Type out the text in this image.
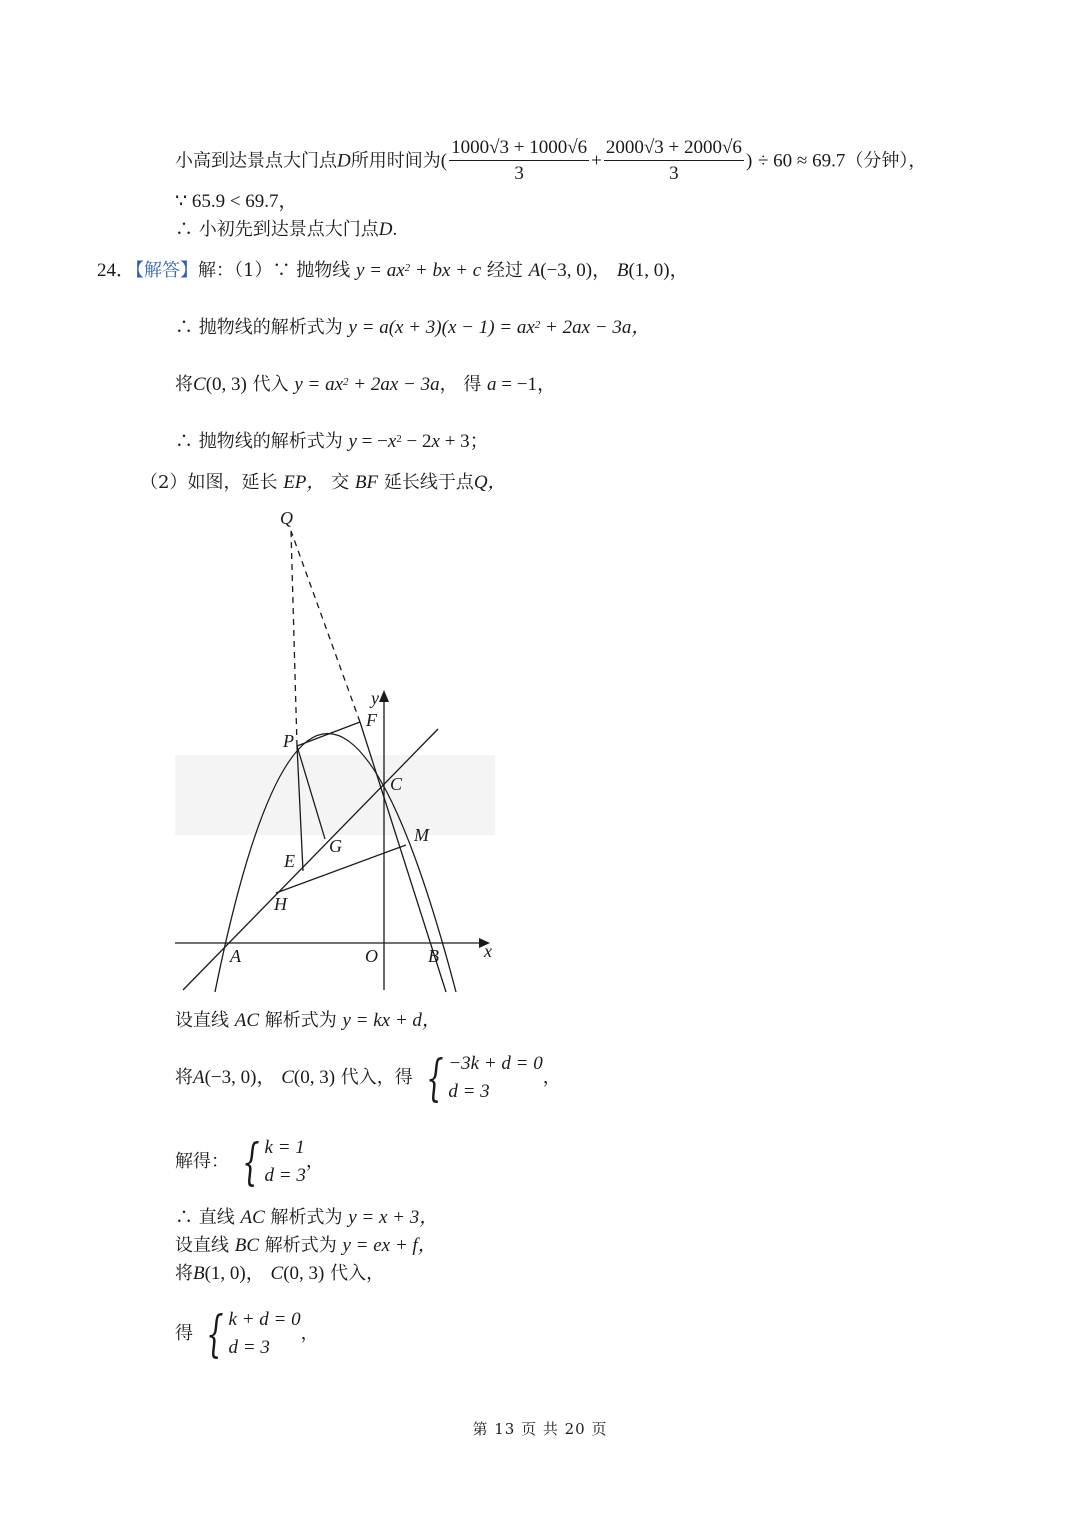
小高到达景点大门点D所用时间为( $\frac{1000√3 + 1000√6}{3} + \frac{2000√3 + 2000√6}{3}$ ) ÷ 60 ≈ 69.7（分钟），
∵ 65.9 < 69.7，
∴ 小初先到达景点大门点D.
24．【解答】解：（1）∵ 抛物线 $y = ax^2$ + bx + c 经过 A(−3, 0)， B(1, 0)，
∴ 抛物线的解析式为 $y = a(x + 3)(x - 1) = ax^2 + 2ax - 3a$，
将C(0, 3) 代入 $y = ax^2 + 2ax - 3a$， 得 a = −1，
∴ 抛物线的解析式为 $y = -x^2 - 2x + 3$；
（2）如图，延长 EP， 交 BF 延长线于点Q，
Q
F
P
C
M
E
G
H
A	O	B	x
y
设直线 AC 解析式为 y = kx + d，
将A(−3, 0)， C(0, 3) 代入，得 { −3k + d = 0
d = 3
，
解得： { k = 1
d = 3
，
∴ 直线 AC 解析式为 y = x + 3，
设直线 BC 解析式为 y = ex + f，
将B(1, 0)， C(0, 3) 代入，
得 { k + d = 0
d = 3
，
第 13 页 共 20 页
